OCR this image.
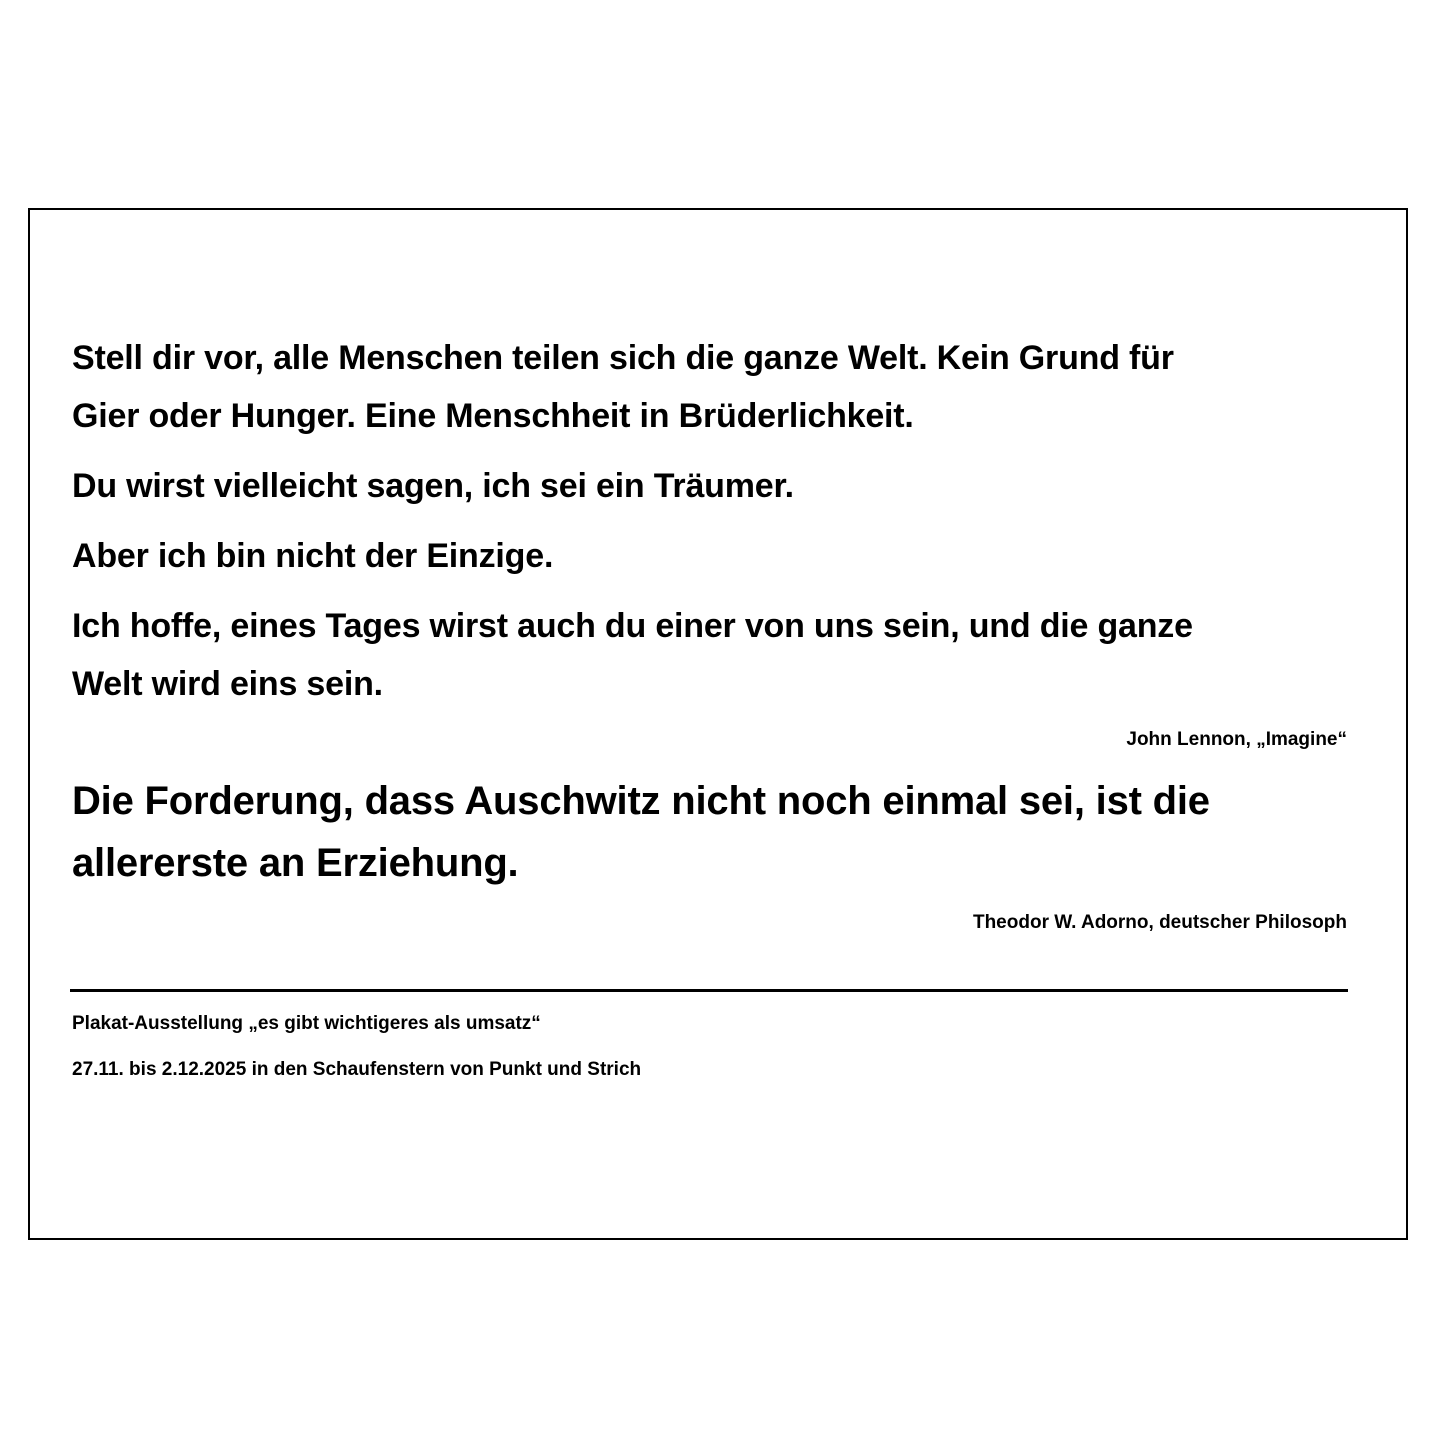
Stell dir vor, alle Menschen teilen sich die ganze Welt. Kein Grund für
Gier oder Hunger. Eine Menschheit in Brüderlichkeit.
Du wirst vielleicht sagen, ich sei ein Träumer.
Aber ich bin nicht der Einzige.
Ich hoffe, eines Tages wirst auch du einer von uns sein, und die ganze
Welt wird eins sein.
John Lennon, „Imagine“
Die Forderung, dass Auschwitz nicht noch einmal sei, ist die
allererste an Erziehung.
Theodor W. Adorno, deutscher Philosoph
Plakat-Ausstellung „es gibt wichtigeres als umsatz“
27.11. bis 2.12.2025 in den Schaufenstern von Punkt und Strich
